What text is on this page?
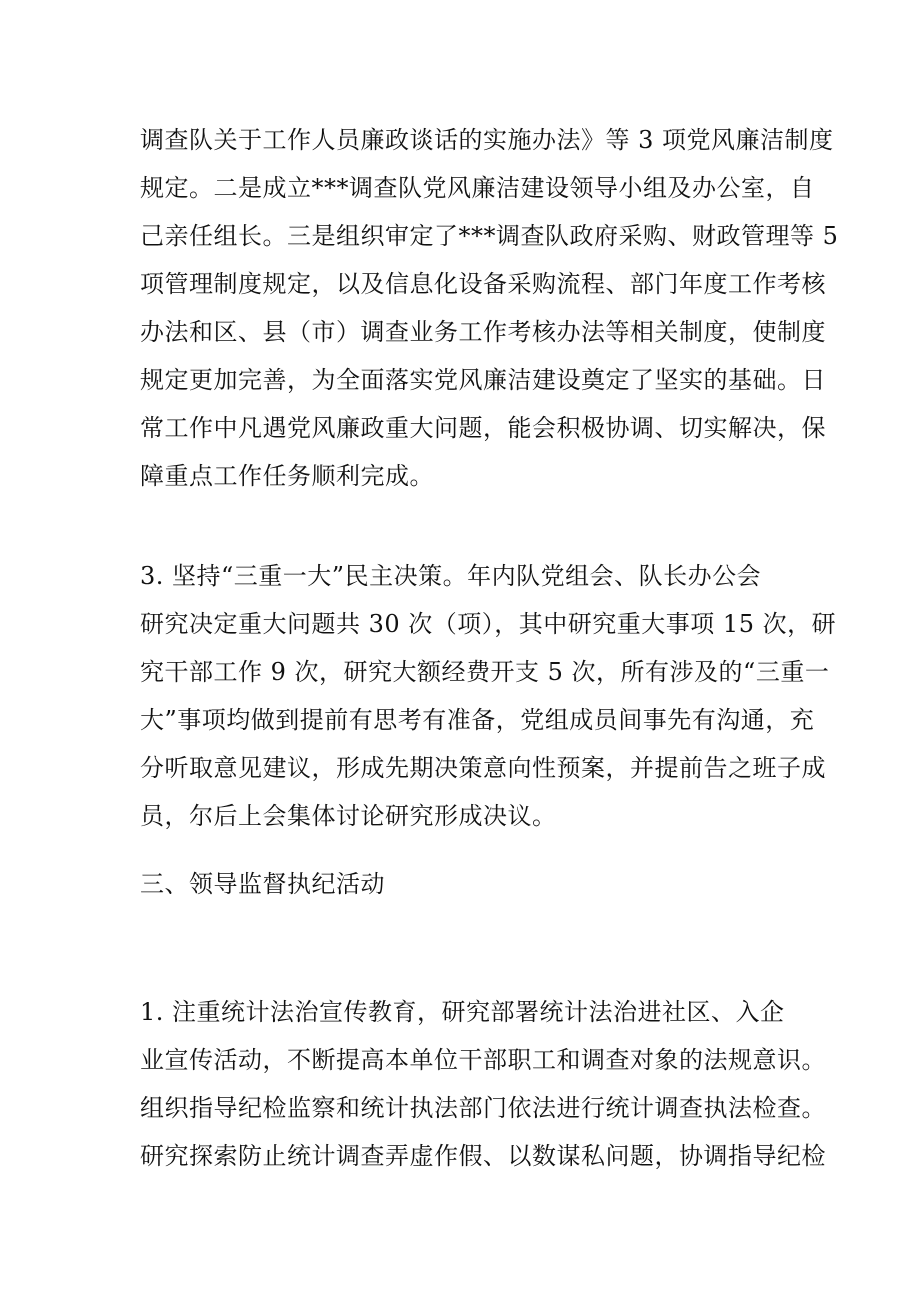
调查队关于工作人员廉政谈话的实施办法》等 3 项党风廉洁制度
规定。二是成立***调查队党风廉洁建设领导小组及办公室，自
己亲任组长。三是组织审定了***调查队政府采购、财政管理等 5
项管理制度规定，以及信息化设备采购流程、部门年度工作考核
办法和区、县（市）调查业务工作考核办法等相关制度，使制度
规定更加完善，为全面落实党风廉洁建设奠定了坚实的基础。日
常工作中凡遇党风廉政重大问题，能会积极协调、切实解决，保
障重点工作任务顺利完成。

3. 坚持“三重一大”民主决策。年内队党组会、队长办公会
研究决定重大问题共 30 次（项），其中研究重大事项 15 次，研
究干部工作 9 次，研究大额经费开支 5 次，所有涉及的“三重一
大”事项均做到提前有思考有准备，党组成员间事先有沟通，充
分听取意见建议，形成先期决策意向性预案，并提前告之班子成
员，尔后上会集体讨论研究形成决议。

三、领导监督执纪活动

1. 注重统计法治宣传教育，研究部署统计法治进社区、入企
业宣传活动，不断提高本单位干部职工和调查对象的法规意识。
组织指导纪检监察和统计执法部门依法进行统计调查执法检查。
研究探索防止统计调查弄虚作假、以数谋私问题，协调指导纪检
